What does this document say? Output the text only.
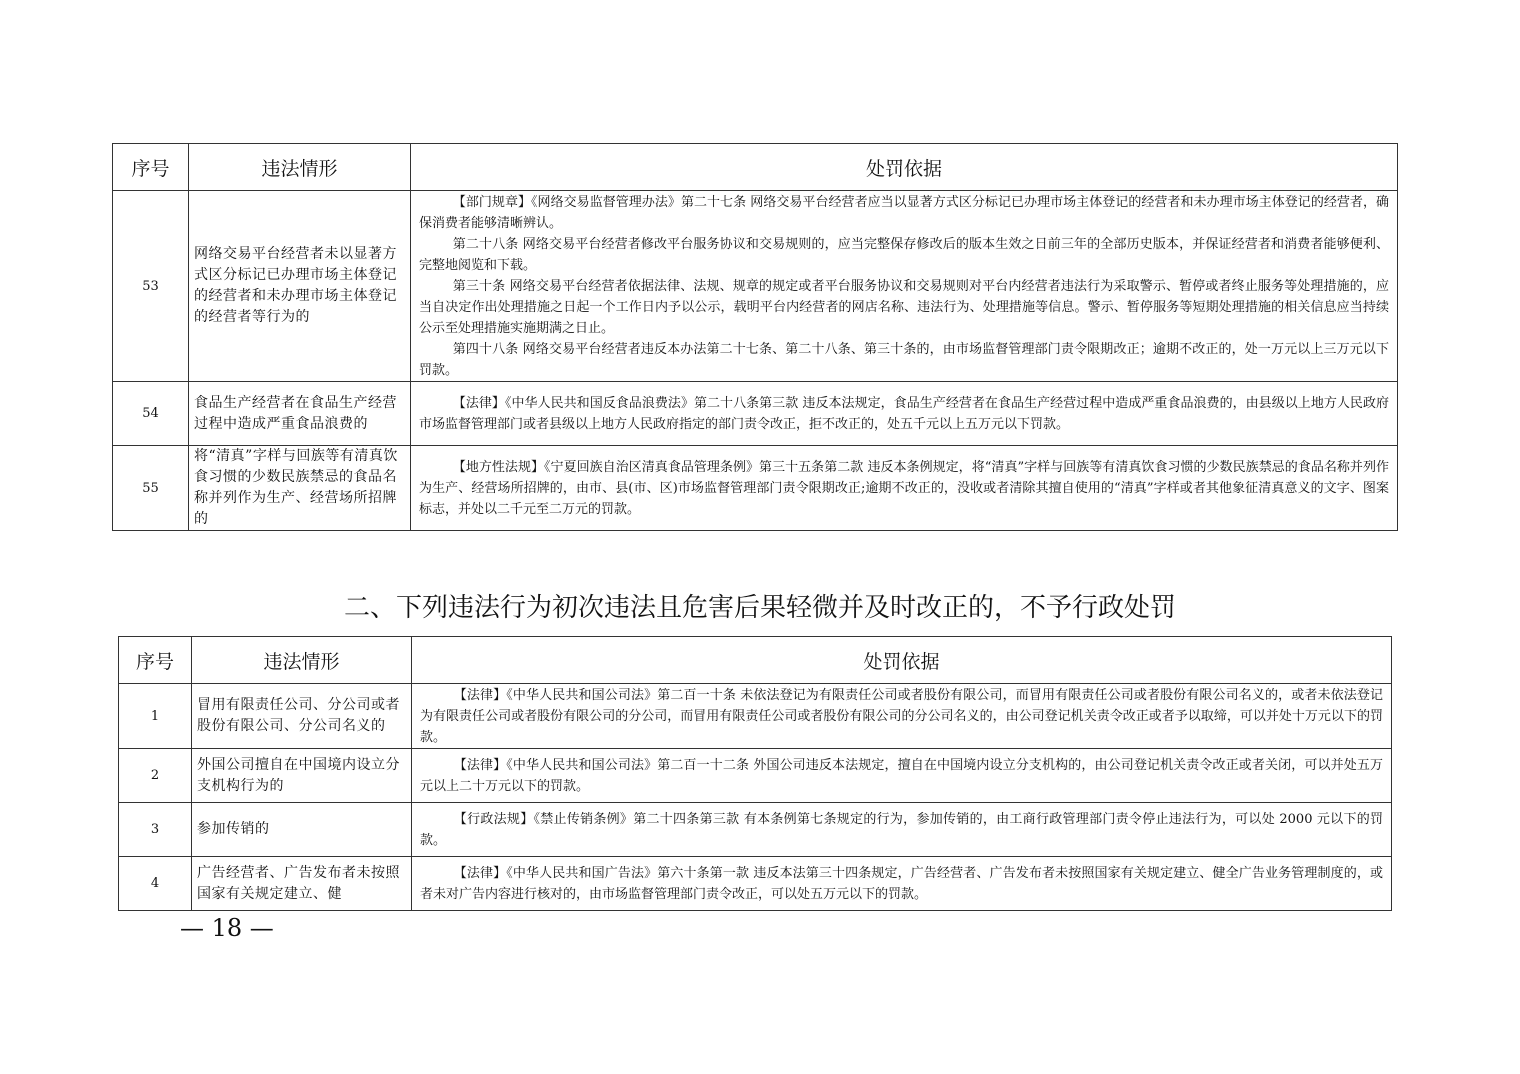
序号	违法情形	处罚依据
53	网络交易平台经营者未以显著方式区分标记已办理市场主体登记的经营者和未办理市场主体登记的经营者等行为的	【部门规章】《网络交易监督管理办法》第二十七条 网络交易平台经营者应当以显著方式区分标记已办理市场主体登记的经营者和未办理市场主体登记的经营者，确保消费者能够清晰辨认。

第二十八条 网络交易平台经营者修改平台服务协议和交易规则的，应当完整保存修改后的版本生效之日前三年的全部历史版本，并保证经营者和消费者能够便利、完整地阅览和下载。

第三十条 网络交易平台经营者依据法律、法规、规章的规定或者平台服务协议和交易规则对平台内经营者违法行为采取警示、暂停或者终止服务等处理措施的，应当自决定作出处理措施之日起一个工作日内予以公示，载明平台内经营者的网店名称、违法行为、处理措施等信息。警示、暂停服务等短期处理措施的相关信息应当持续公示至处理措施实施期满之日止。

第四十八条 网络交易平台经营者违反本办法第二十七条、第二十八条、第三十条的，由市场监督管理部门责令限期改正；逾期不改正的，处一万元以上三万元以下罚款。

54	食品生产经营者在食品生产经营过程中造成严重食品浪费的	【法律】《中华人民共和国反食品浪费法》第二十八条第三款 违反本法规定，食品生产经营者在食品生产经营过程中造成严重食品浪费的，由县级以上地方人民政府市场监督管理部门或者县级以上地方人民政府指定的部门责令改正，拒不改正的，处五千元以上五万元以下罚款。

55	将“清真”字样与回族等有清真饮食习惯的少数民族禁忌的食品名称并列作为生产、经营场所招牌的	【地方性法规】《宁夏回族自治区清真食品管理条例》第三十五条第二款 违反本条例规定，将“清真”字样与回族等有清真饮食习惯的少数民族禁忌的食品名称并列作为生产、经营场所招牌的，由市、县(市、区)市场监督管理部门责令限期改正;逾期不改正的，没收或者清除其擅自使用的“清真”字样或者其他象征清真意义的文字、图案标志，并处以二千元至二万元的罚款。

二、下列违法行为初次违法且危害后果轻微并及时改正的，不予行政处罚
序号	违法情形	处罚依据
1	冒用有限责任公司、分公司或者股份有限公司、分公司名义的	【法律】《中华人民共和国公司法》第二百一十条 未依法登记为有限责任公司或者股份有限公司，而冒用有限责任公司或者股份有限公司名义的，或者未依法登记为有限责任公司或者股份有限公司的分公司，而冒用有限责任公司或者股份有限公司的分公司名义的，由公司登记机关责令改正或者予以取缔，可以并处十万元以下的罚款。

2	外国公司擅自在中国境内设立分支机构行为的	【法律】《中华人民共和国公司法》第二百一十二条 外国公司违反本法规定，擅自在中国境内设立分支机构的，由公司登记机关责令改正或者关闭，可以并处五万元以上二十万元以下的罚款。

3	参加传销的	【行政法规】《禁止传销条例》第二十四条第三款 有本条例第七条规定的行为，参加传销的，由工商行政管理部门责令停止违法行为，可以处 2000 元以下的罚款。

4	广告经营者、广告发布者未按照国家有关规定建立、健	【法律】《中华人民共和国广告法》第六十条第一款 违反本法第三十四条规定，广告经营者、广告发布者未按照国家有关规定建立、健全广告业务管理制度的，或者未对广告内容进行核对的，由市场监督管理部门责令改正，可以处五万元以下的罚款。

— 18 —
